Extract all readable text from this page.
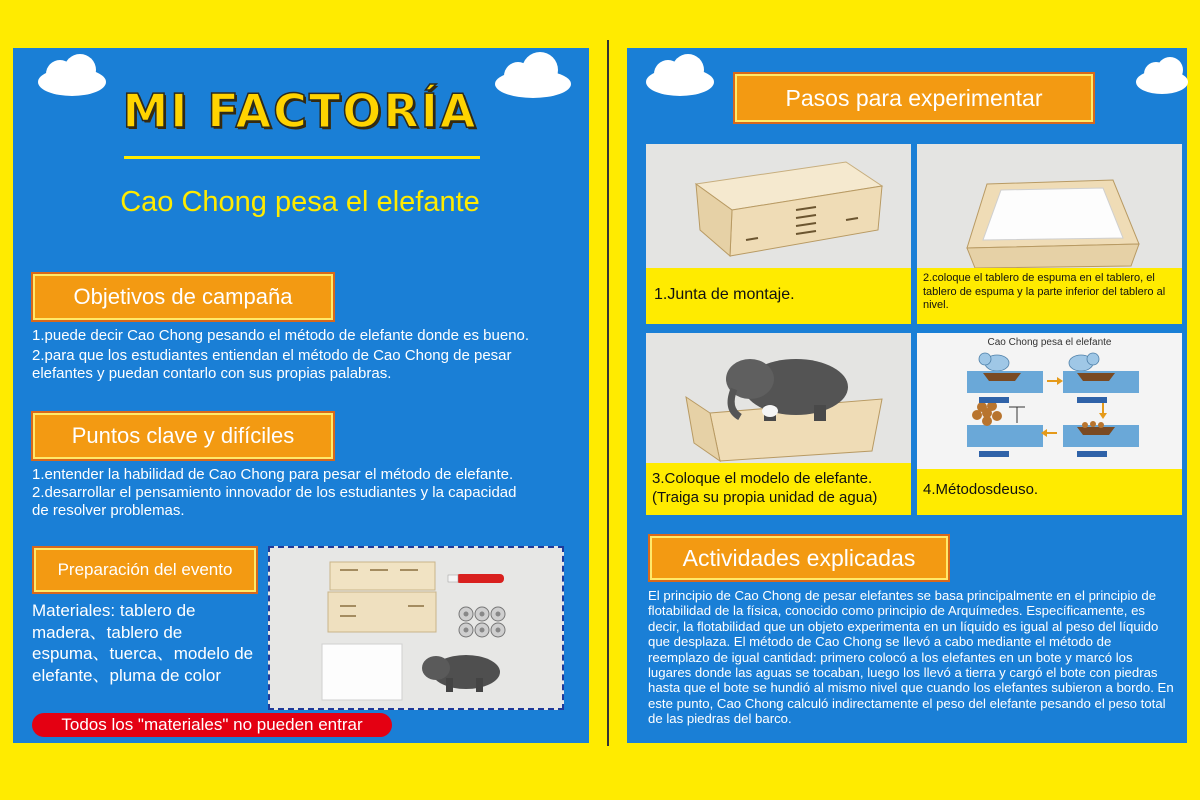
MI FACTORÍA
Cao Chong pesa el elefante
Objetivos de campaña
1.puede decir Cao Chong pesando el método de elefante donde es bueno.
2.para que los estudiantes entiendan el método de Cao Chong de pesar elefantes y puedan contarlo con sus propias palabras.
Puntos clave y difíciles
1.entender la habilidad de Cao Chong para pesar el método de elefante.
2.desarrollar el pensamiento innovador de los estudiantes y la capacidad de resolver problemas.
Preparación del evento
Materiales: tablero de madera、tablero de espuma、tuerca、modelo de elefante、pluma de color
Todos los "materiales" no pueden entrar
Pasos para experimentar
1.Junta de montaje.
2.coloque el tablero de espuma en el tablero, el tablero de espuma y la parte inferior del tablero al nivel.
3.Coloque el modelo de elefante. (Traiga su propia unidad de agua)
Cao Chong pesa el elefante
4.Métodosdeuso.
Actividades explicadas
El principio de Cao Chong de pesar elefantes se basa principalmente en el principio de flotabilidad de la física, conocido como principio de Arquímedes. Específicamente, es decir, la flotabilidad que un objeto experimenta en un líquido es igual al peso del líquido que desplaza. El método de Cao Chong se llevó a cabo mediante el método de reemplazo de igual cantidad: primero colocó a los elefantes en un bote y marcó los lugares donde las aguas se tocaban, luego los llevó a tierra y cargó el bote con piedras hasta que el bote se hundió al mismo nivel que cuando los elefantes subieron a bordo. En este punto, Cao Chong calculó indirectamente el peso del elefante pesando el peso total de las piedras del barco.
